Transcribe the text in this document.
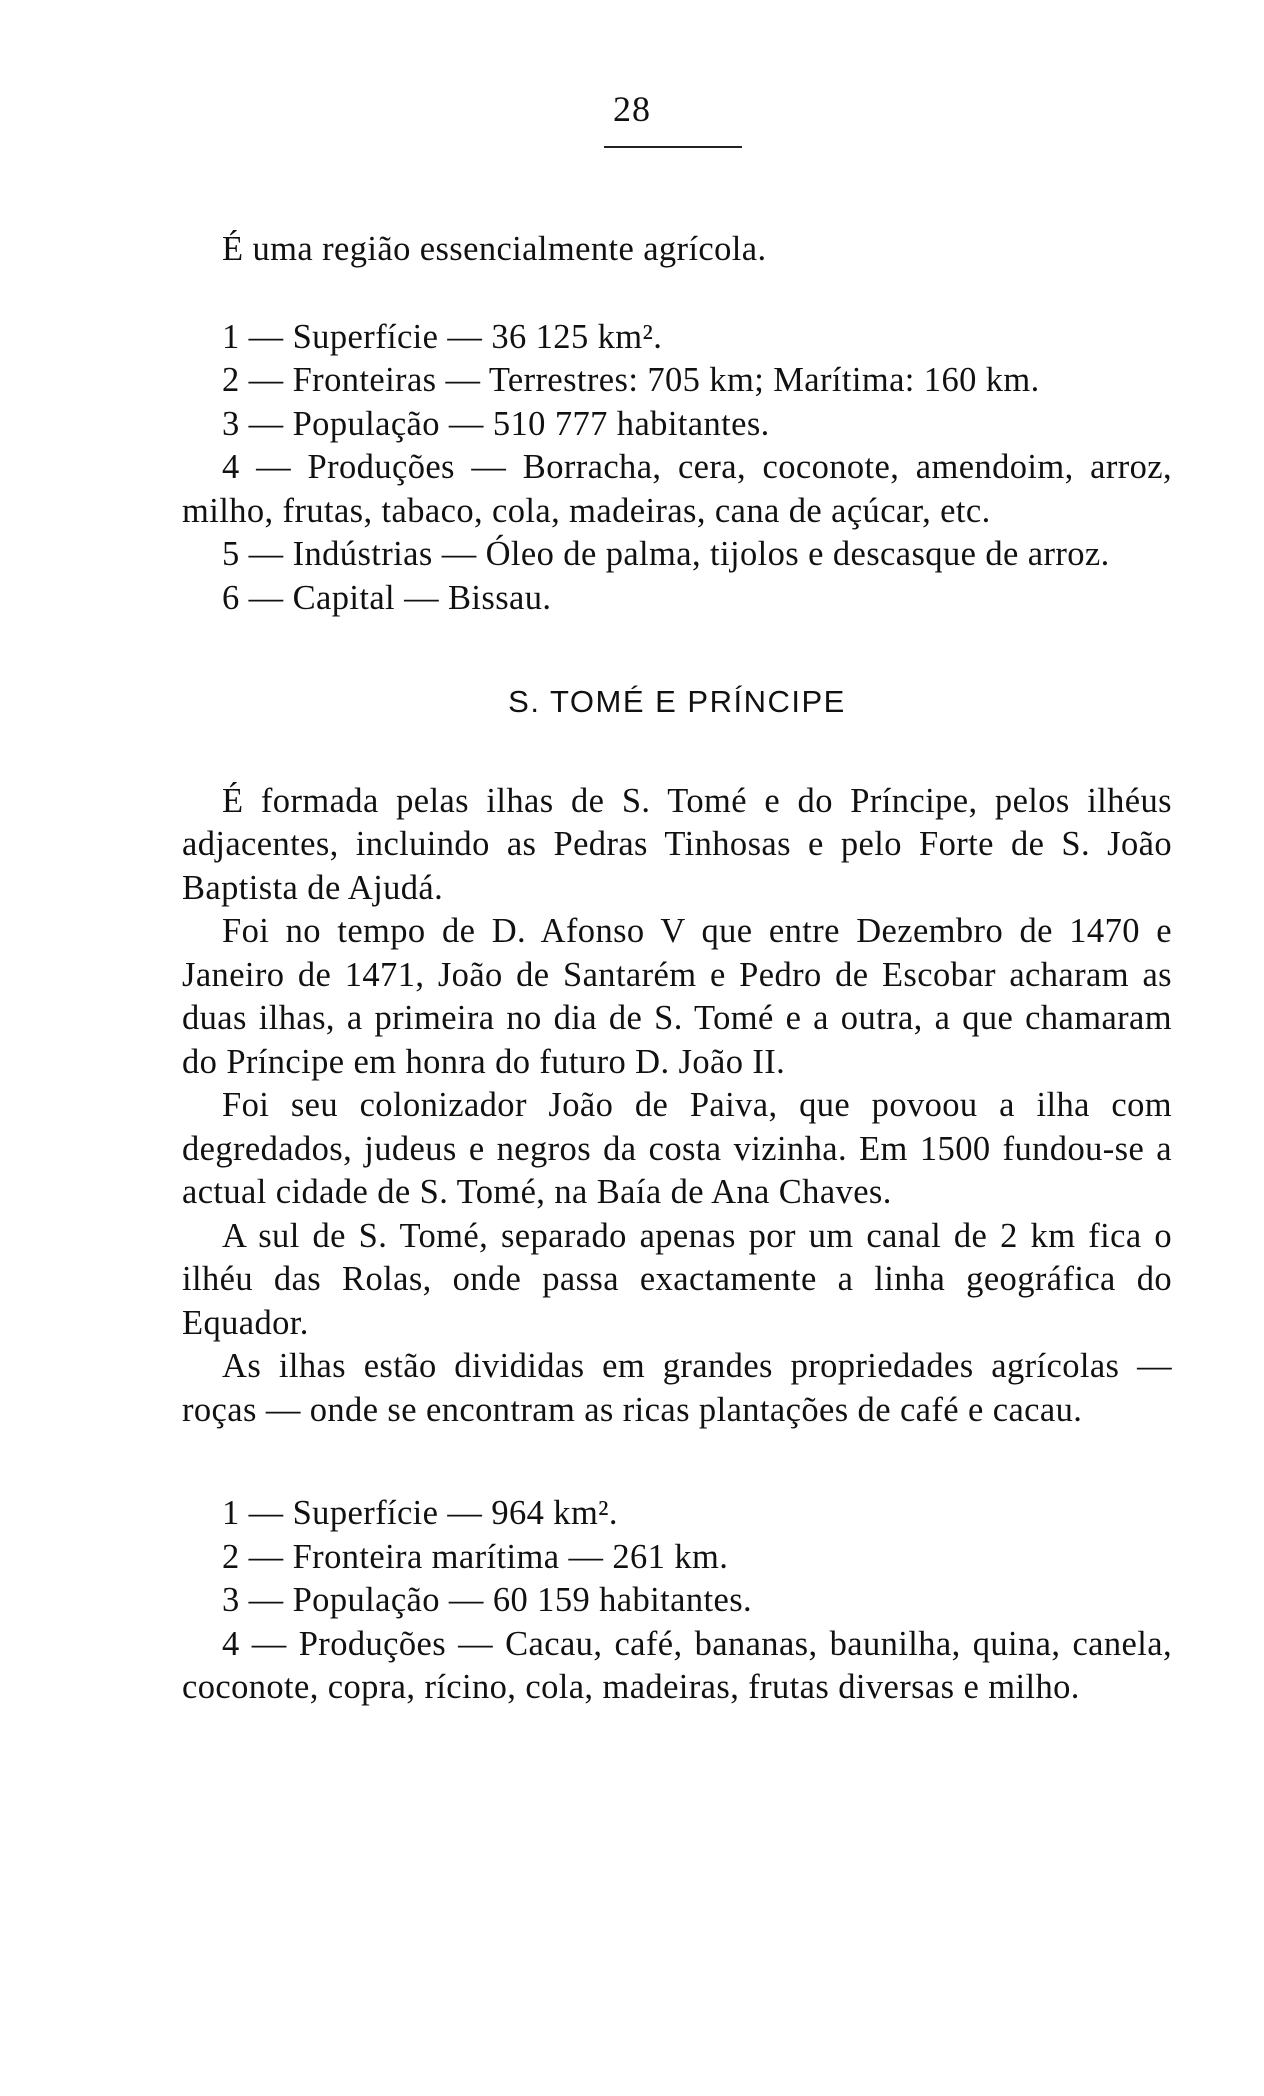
28

É uma região essencialmente agrícola.

1 — Superfície — 36 125 km².

2 — Fronteiras — Terrestres: 705 km; Marítima: 160 km.

3 — População — 510 777 habitantes.

4 — Produções — Borracha, cera, coconote, amendoim, arroz, milho, frutas, tabaco, cola, madeiras, cana de açúcar, etc.

5 — Indústrias — Óleo de palma, tijolos e descasque de arroz.

6 — Capital — Bissau.

S. TOMÉ E PRÍNCIPE

É formada pelas ilhas de S. Tomé e do Príncipe, pelos ilhéus adjacentes, incluindo as Pedras Tinhosas e pelo Forte de S. João Baptista de Ajudá.

Foi no tempo de D. Afonso V que entre Dezembro de 1470 e Janeiro de 1471, João de Santarém e Pedro de Escobar acharam as duas ilhas, a primeira no dia de S. Tomé e a outra, a que chamaram do Príncipe em honra do futuro D. João II.

Foi seu colonizador João de Paiva, que povoou a ilha com degredados, judeus e negros da costa vizinha. Em 1500 fundou-se a actual cidade de S. Tomé, na Baía de Ana Chaves.

A sul de S. Tomé, separado apenas por um canal de 2 km fica o ilhéu das Rolas, onde passa exactamente a linha geográfica do Equador.

As ilhas estão divididas em grandes propriedades agrícolas — roças — onde se encontram as ricas plantações de café e cacau.

1 — Superfície — 964 km².

2 — Fronteira marítima — 261 km.

3 — População — 60 159 habitantes.

4 — Produções — Cacau, café, bananas, baunilha, quina, canela, coconote, copra, rícino, cola, madeiras, frutas diversas e milho.
